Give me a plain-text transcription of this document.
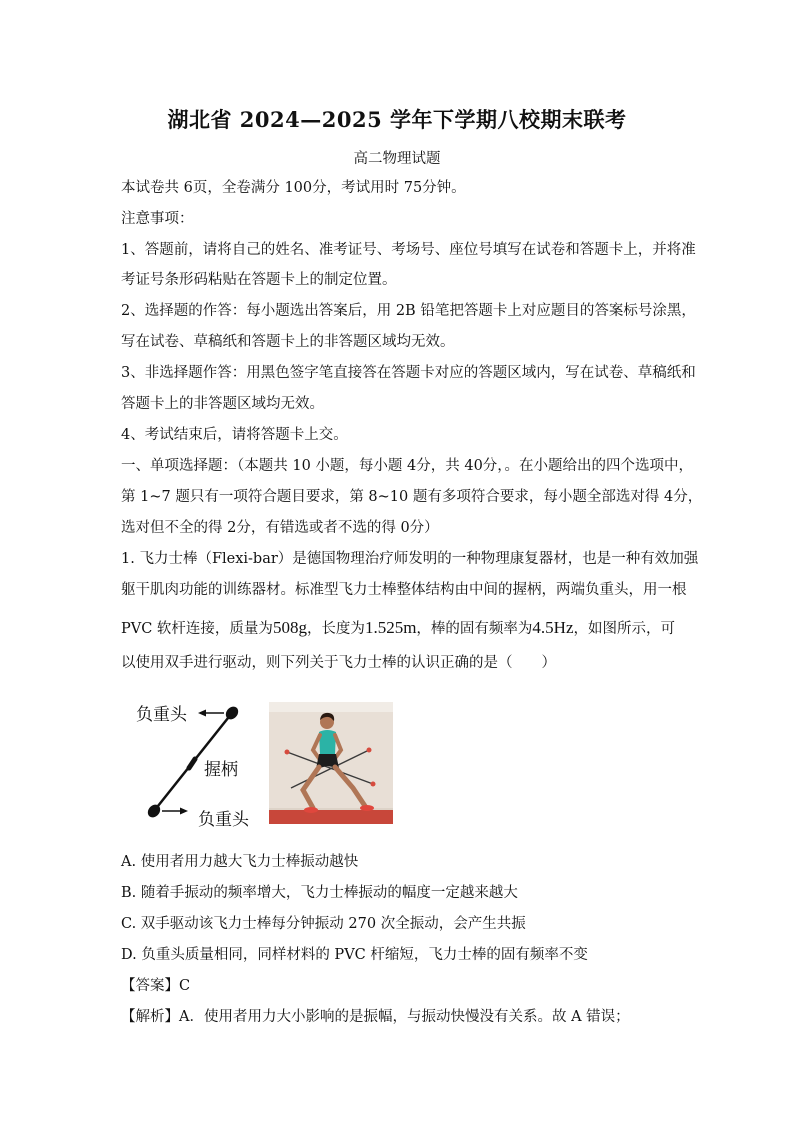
湖北省 2024—2025 学年下学期八校期末联考
高二物理试题
本试卷共 6页，全卷满分 100分，考试用时 75分钟。
注意事项：
1、答题前，请将自己的姓名、准考证号、考场号、座位号填写在试卷和答题卡上，并将准
考证号条形码粘贴在答题卡上的制定位置。
2、选择题的作答：每小题选出答案后，用 2B 铅笔把答题卡上对应题目的答案标号涂黑，
写在试卷、草稿纸和答题卡上的非答题区域均无效。
3、非选择题作答：用黑色签字笔直接答在答题卡对应的答题区域内，写在试卷、草稿纸和
答题卡上的非答题区域均无效。
4、考试结束后，请将答题卡上交。
一、单项选择题：（本题共 10 小题，每小题 4分，共 40分，。在小题给出的四个选项中，
第 1~7 题只有一项符合题目要求，第 8~10 题有多项符合要求，每小题全部选对得 4分，
选对但不全的得 2分，有错选或者不选的得 0分）
1. 飞力士棒（Flexi-bar）是德国物理治疗师发明的一种物理康复器材，也是一种有效加强
躯干肌肉功能的训练器材。标准型飞力士棒整体结构由中间的握柄，两端负重头，用一根
PVC 软杆连接，质量为508g，长度为1.525m，棒的固有频率为4.5Hz，如图所示，可
以使用双手进行驱动，则下列关于飞力士棒的认识正确的是（　　）
负重头
握柄
负重头
A. 使用者用力越大飞力士棒振动越快
B. 随着手振动的频率增大，飞力士棒振动的幅度一定越来越大
C. 双手驱动该飞力士棒每分钟振动 270 次全振动，会产生共振
D. 负重头质量相同，同样材料的 PVC 杆缩短，飞力士棒的固有频率不变
【答案】C
【解析】A．使用者用力大小影响的是振幅，与振动快慢没有关系。故 A 错误；
